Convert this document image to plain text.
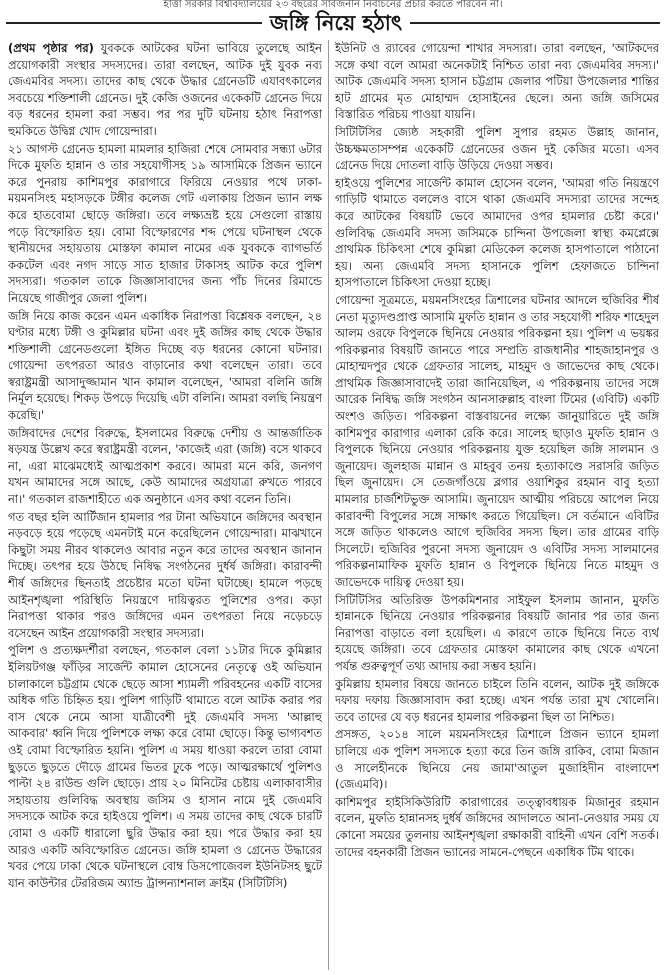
হাত্তা সরকার বিশ্ববিদ্যালয়ের ২৩ বছরের সার্বজনীন নির্বাচনের প্রচার করতে পারবেন না।
জঙ্গি নিয়ে হঠাৎ

(প্রথম পৃষ্ঠার পর) যুবককে আটকের ঘটনা ভাবিয়ে তুলেছে আইন প্রয়োগকারী সংস্থার সদস্যদের। তারা বলছেন, আটক দুই যুবক নব্য জেএমবির সদস্য। তাদের কাছ থেকে উদ্ধার গ্রেনেডটি এযাবৎকালের সবচেয়ে শক্তিশালী গ্রেনেড। দুই কেজি ওজনের একেকটি গ্রেনেড দিয়ে বড় ধরনের হামলা করা সম্ভব। পর পর দুটি ঘটনায় হঠাৎ নিরাপত্তা হুমকিতে উদ্বিগ্ন খোদ গোয়েন্দারা।

২১ আগস্ট গ্রেনেড হামলা মামলার হাজিরা শেষে সোমবার সন্ধ্যা ৬টার দিকে মুফতি হান্নান ও তার সহযোগীসহ ১৯ আসামিকে প্রিজন ভ্যানে করে পুনরায় কাশিমপুর কারাগারে ফিরিয়ে নেওয়ার পথে ঢাকা-ময়মনসিংহ মহাসড়কে টঙ্গীর কলেজ গেট এলাকায় প্রিজন ভ্যান লক্ষ করে হাতবোমা ছোড়ে জঙ্গিরা। তবে লক্ষ্যভ্রষ্ট হয়ে সেগুলো রাস্তায় পড়ে বিস্ফোরিত হয়। বোমা বিস্ফোরণের শব্দ পেয়ে ঘটনাস্থল থেকে স্থানীয়দের সহায়তায় মোস্তফা কামাল নামের এক যুবককে ব্যাগভর্তি ককটেল এবং নগদ সাড়ে সাত হাজার টাকাসহ আটক করে পুলিশ সদস্যরা। গতকাল তাকে জিজ্ঞাসাবাদের জন্য পাঁচ দিনের রিমান্ডে নিয়েছে গাজীপুর জেলা পুলিশ।

জঙ্গি নিয়ে কাজ করেন এমন একাধিক নিরাপত্তা বিশ্লেষক বলছেন, ২৪ ঘণ্টার মধ্যে টঙ্গী ও কুমিল্লার ঘটনা এবং দুই জঙ্গির কাছ থেকে উদ্ধার শক্তিশালী গ্রেনেডগুলো ইঙ্গিত দিচ্ছে বড় ধরনের কোনো ঘটনার। গোয়েন্দা তৎপরতা আরও বাড়ানোর কথা বলেছেন তারা। তবে স্বরাষ্ট্রমন্ত্রী আসাদুজ্জামান খান কামাল বলেছেন, 'আমরা বলিনি জঙ্গি নির্মূল হয়েছে। শিকড় উপড়ে দিয়েছি এটা বলিনি। আমরা বলছি নিয়ন্ত্রণ করেছি।'

জঙ্গিবাদের দেশের বিরুদ্ধে, ইসলামের বিরুদ্ধে দেশীয় ও আন্তর্জাতিক ষড়যন্ত্র উল্লেখ করে স্বরাষ্ট্রমন্ত্রী বলেন, 'কাজেই এরা (জঙ্গি) বসে থাকবে না, এরা মাঝেমধ্যেই আত্মপ্রকাশ করবে। আমরা মনে করি, জনগণ যখন আমাদের সঙ্গে আছে, কেউ আমাদের অগ্রযাত্রা রুখতে পারবে না।' গতকাল রাজশাহীতে এক অনুষ্ঠানে এসব কথা বলেন তিনি।

গত বছর হলি আর্টিজান হামলার পর টানা অভিযানে জঙ্গিদের অবস্থান নড়বড়ে হয়ে পড়েছে এমনটাই মনে করেছিলেন গোয়েন্দারা। মাঝখানে কিছুটা সময় নীরব থাকলেও আবার নতুন করে তাদের অবস্থান জানান দিচ্ছে। তৎপর হয়ে উঠছে নিষিদ্ধ সংগঠনের দুর্ধর্ষ জঙ্গিরা। কারাবন্দী শীর্ষ জঙ্গিদের ছিনতাই প্রচেষ্টার মতো ঘটনা ঘটাচ্ছে। হামলে পড়ছে আইনশৃঙ্খলা পরিস্থিতি নিয়ন্ত্রণে দায়িত্বরত পুলিশের ওপর। কড়া নিরাপত্তা থাকার পরও জঙ্গিদের এমন তৎপরতা নিয়ে নড়েচড়ে বসেছেন আইন প্রয়োগকারী সংস্থার সদস্যরা।

পুলিশ ও প্রত্যক্ষদর্শীরা বলছেন, গতকাল বেলা ১১টার দিকে কুমিল্লার ইলিয়টগঞ্জ ফাঁড়ির সার্জেন্ট কামাল হোসেনের নেতৃত্বে ওই অভিযান চালাকালে চট্টগ্রাম থেকে ছেড়ে আসা শ্যামলী পরিবহনের একটি বাসের অধিক গতি চিহ্নিত হয়। পুলিশ গাড়িটি থামাতে বলে আটক করার পর বাস থেকে নেমে আসা যাত্রীবেশী দুই জেএমবি সদস্য 'আল্লাহু আকবার' ধ্বনি দিয়ে পুলিশকে লক্ষ্য করে বোমা ছোড়ে। কিন্তু ভাগ্যবশত ওই বোমা বিস্ফোরিত হয়নি। পুলিশ এ সময় ধাওয়া করলে তারা বোমা ছুড়তে ছুড়তে দৌড়ে গ্রামের ভিতর ঢুকে পড়ে। আত্মরক্ষার্থে পুলিশও পাল্টা ২৪ রাউন্ড গুলি ছোড়ে। প্রায় ২০ মিনিটের চেষ্টায় এলাকাবাসীর সহায়তায় গুলিবিদ্ধ অবস্থায় জসিম ও হাসান নামে দুই জেএমবি সদস্যকে আটক করে হাইওয়ে পুলিশ। এ সময় তাদের কাছ থেকে চারটি বোমা ও একটি ধারালো ছুরি উদ্ধার করা হয়। পরে উদ্ধার করা হয় আরও একটি অবিস্ফোরিত গ্রেনেড। জঙ্গি হামলা ও গ্রেনেড উদ্ধারের খবর পেয়ে ঢাকা থেকে ঘটনাস্থলে বোম্ব ডিসপোজেবল ইউনিটসহ ছুটে যান কাউন্টার টেররিজম অ্যান্ড ট্রান্সন্যাশনাল ক্রাইম (সিটিটিসি)

ইউনিট ও র‌্যাবের গোয়েন্দা শাখার সদস্যরা। তারা বলছেন, 'আটকদের সঙ্গে কথা বলে আমরা অনেকটাই নিশ্চিত তারা নব্য জেএমবির সদস্য।' আটক জেএমবি সদস্য হাসান চট্টগ্রাম জেলার পটিয়া উপজেলার শান্তির হাট গ্রামের মৃত মোহাম্মদ হোসাইনের ছেলে। অন্য জঙ্গি জসিমের বিস্তারিত পরিচয় পাওয়া যায়নি।

সিটিটিসির জ্যেষ্ঠ সহকারী পুলিশ সুপার রহমত উল্লাহ জানান, উচ্চক্ষমতাসম্পন্ন একেকটি গ্রেনেডের ওজন দুই কেজির মতো। এসব গ্রেনেড দিয়ে দোতলা বাড়ি উড়িয়ে দেওয়া সম্ভব।

হাইওয়ে পুলিশের সার্জেন্ট কামাল হোসেন বলেন, 'আমরা গতি নিয়ন্ত্রণে গাড়িটি থামাতে বললেও বাসে থাকা জেএমবি সদস্যরা তাদের সন্দেহ করে আটকের বিষয়টি ভেবে আমাদের ওপর হামলার চেষ্টা করে।' গুলিবিদ্ধ জেএমবি সদস্য জসিমকে চান্দিনা উপজেলা স্বাস্থ্য কমপ্লেক্সে প্রাথমিক চিকিৎসা শেষে কুমিল্লা মেডিকেল কলেজ হাসপাতালে পাঠানো হয়। অন্য জেএমবি সদস্য হাসানকে পুলিশ হেফাজতে চান্দিনা হাসপাতালে চিকিৎসা দেওয়া হচ্ছে।

গোয়েন্দা সূত্রমতে, ময়মনসিংহের ত্রিশালের ঘটনার আদলে হুজিবির শীর্ষ নেতা মৃত্যুদণ্ডপ্রাপ্ত আসামি মুফতি হান্নান ও তার সহযোগী শরিফ শাহেদুল আলম ওরফে বিপুলকে ছিনিয়ে নেওয়ার পরিকল্পনা হয়। পুলিশ এ ভয়ঙ্কর পরিকল্পনার বিষয়টি জানতে পারে সম্প্রতি রাজধানীর শাহজাহানপুর ও মোহাম্মদপুর থেকে গ্রেফতার সালেহ, মাহমুদ ও জাভেদের কাছ থেকে। প্রাথমিক জিজ্ঞাসাবাদেই তারা জানিয়েছিল, এ পরিকল্পনায় তাদের সঙ্গে আরেক নিষিদ্ধ জঙ্গি সংগঠন আনসারুল্লাহ বাংলা টিমের (এবিটি) একটি অংশও জড়িত। পরিকল্পনা বাস্তবায়নের লক্ষ্যে জানুয়ারিতে দুই জঙ্গি কাশিমপুর কারাগার এলাকা রেকি করে। সালেহ ছাড়াও মুফতি হান্নান ও বিপুলকে ছিনিয়ে নেওয়ার পরিকল্পনায় যুক্ত হয়েছিল জঙ্গি সালমান ও জুনায়েদ। জুলহাজ মান্নান ও মাহবুব তনয় হত্যাকাণ্ডে সরাসরি জড়িত ছিল জুনায়েদ। সে তেজগাঁওয়ে ব্লগার ওয়াশিকুর রহমান বাবু হত্যা মামলার চার্জশিটভুক্ত আসামি। জুনায়েদ আত্মীয় পরিচয়ে আপেল নিয়ে কারাবন্দী বিপুলের সঙ্গে সাক্ষাৎ করতে গিয়েছিল। সে বর্তমানে এবিটির সঙ্গে জড়িত থাকলেও আগে হুজিবির সদস্য ছিল। তার গ্রামের বাড়ি সিলেটে। হুজিবির পুরনো সদস্য জুনায়েদ ও এবিটির সদস্য সালমানের পরিকল্পনামাফিক মুফতি হান্নান ও বিপুলকে ছিনিয়ে নিতে মাহমুদ ও জাভেদকে দায়িত্ব দেওয়া হয়।

সিটিটিসির অতিরিক্ত উপকমিশনার সাইফুল ইসলাম জানান, মুফতি হান্নানকে ছিনিয়ে নেওয়ার পরিকল্পনার বিষয়টি জানার পর তার জন্য নিরাপত্তা বাড়াতে বলা হয়েছিল। এ কারণে তাকে ছিনিয়ে নিতে ব্যর্থ হয়েছে জঙ্গিরা। তবে গ্রেফতার মোস্তফা কামালের কাছ থেকে এখনো পর্যন্ত গুরুত্বপূর্ণ তথ্য আদায় করা সম্ভব হয়নি।

কুমিল্লায় হামলার বিষয়ে জানতে চাইলে তিনি বলেন, আটক দুই জঙ্গিকে দফায় দফায় জিজ্ঞাসাবাদ করা হচ্ছে। এখন পর্যন্ত তারা মুখ খোলেনি। তবে তাদের যে বড় ধরনের হামলার পরিকল্পনা ছিল তা নিশ্চিত।

প্রসঙ্গত, ২০১৪ সালে ময়মনসিংহের ত্রিশালে প্রিজন ভ্যানে হামলা চালিয়ে এক পুলিশ সদস্যকে হত্যা করে তিন জঙ্গি রাকিব, বোমা মিজান ও সালেহীনকে ছিনিয়ে নেয় জামা'আতুল মুজাহিদীন বাংলাদেশ (জেএমবি)।

কাশিমপুর হাইসিকিউরিটি কারাগারের তত্ত্বাবধায়ক মিজানুর রহমান বলেন, মুফতি হান্নানসহ দুর্ধর্ষ জঙ্গিদের আদালতে আনা-নেওয়ার সময় যে কোনো সময়ের তুলনায় আইনশৃঙ্খলা রক্ষাকারী বাহিনী এখন বেশি সতর্ক। তাদের বহনকারী প্রিজন ভ্যানের সামনে-পেছনে একাধিক টিম থাকে।
